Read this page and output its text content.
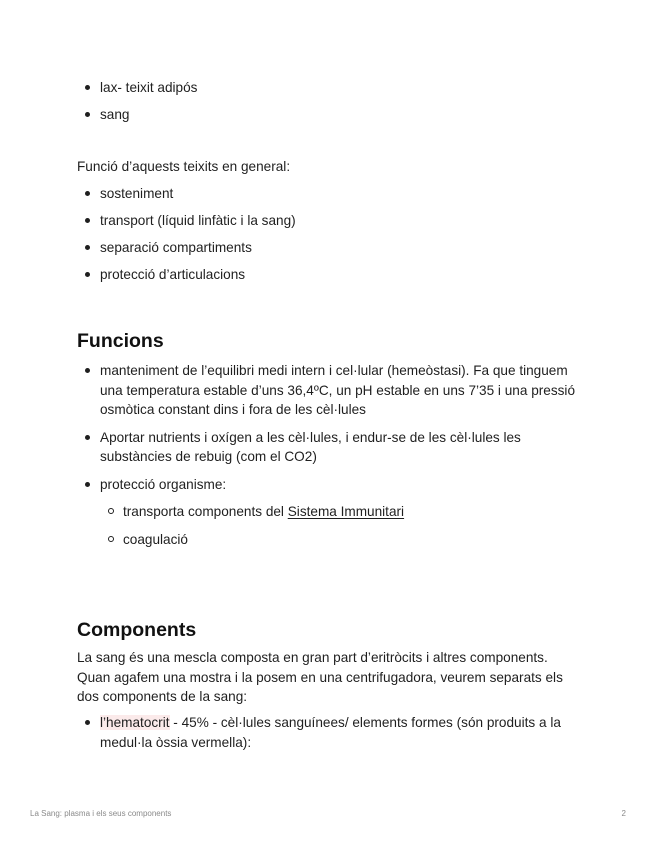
lax- teixit adipós
sang
Funció d’aquests teixits en general:
sosteniment
transport (líquid linfàtic i la sang)
separació compartiments
protecció d’articulacions
Funcions
manteniment de l’equilibri medi intern i cel·lular (hemeòstasi). Fa que tinguem
una temperatura estable d’uns 36,4ºC, un pH estable en uns 7’35 i una pressió
osmòtica constant dins i fora de les cèl·lules
Aportar nutrients i oxígen a les cèl·lules, i endur-se de les cèl·lules les
substàncies de rebuig (com el CO2)
protecció organisme:
transporta components del Sistema Immunitari
coagulació
Components
La sang és una mescla composta en gran part d’eritròcits i altres components.
Quan agafem una mostra i la posem en una centrifugadora, veurem separats els
dos components de la sang:
l’hematocrit - 45% - cèl·lules sanguínees/ elements formes (són produits a la
medul·la òssia vermella):
La Sang: plasma i els seus components	2
